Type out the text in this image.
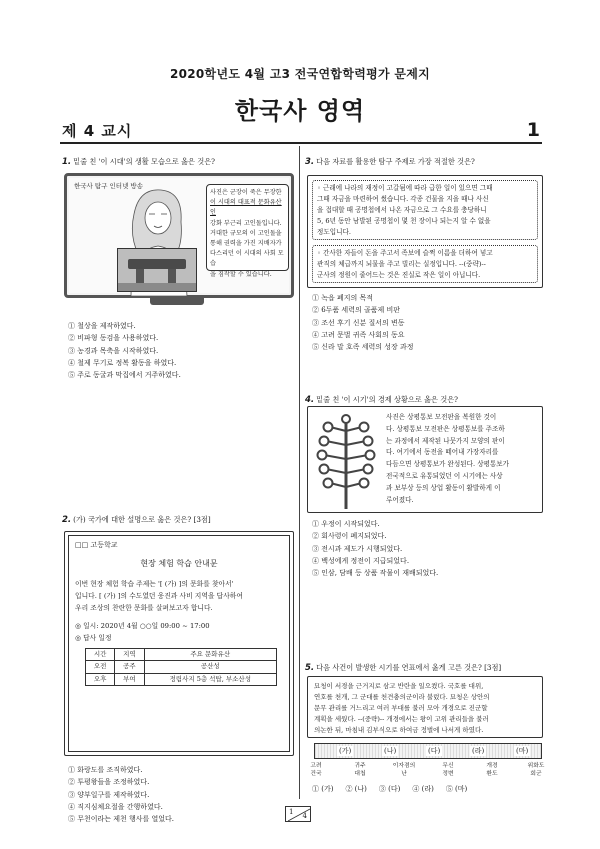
2020학년도 4월 고3 전국연합학력평가 문제지
한국사 영역
제 4 교시	1
1. 밑줄 친 '이 시대'의 생활 모습으로 옳은 것은?
한국사 탐구 인터넷 방송
사진은 군장이 죽은 무장한
이 시대의 대표적 문화유산인
강화 부근리 고인돌입니다.
거대한 규모의 이 고인돌을
통해 권력을 가진 지배자가
다스리던 이 시대의 사회 모습
을 짐작할 수 있습니다.
① 철상을 제작하였다.
② 비파형 동검을 사용하였다.
③ 농경과 목축을 시작하였다.
④ 철제 무기로 정복 활동을 하였다.
⑤ 주로 동굴과 막집에서 거주하였다.
2. (가) 국가에 대한 설명으로 옳은 것은? [3점]
□□ 고등학교
현장 체험 학습 안내문
이번 현장 체험 학습 주제는 '[ (가) ]의 문화를 찾아서'
입니다. [ (가) ]의 수도였던 웅진과 사비 지역을 답사하여
우리 조상의 찬란한 문화를 살펴보고자 합니다.
◎ 일시: 2020년 4월 ○○일 09:00 ~ 17:00
◎ 답사 일정
시간	지역	주요 문화유산
오전	공주	공산성
오후	부여	정림사지 5층 석탑, 부소산성
① 화랑도를 조직하였다.
② 투평왕들을 조정하였다.
③ 양부일구를 제작하였다.
④ 직지심체요절을 간행하였다.
⑤ 무천이라는 제천 행사를 열었다.
3. 다음 자료를 활용한 탐구 주제로 가장 적절한 것은?
◦ 근래에 나라의 재정이 고갈됨에 따라 급한 일이 있으면 그때
그때 자금을 마련하여 썼습니다. 각종 건물을 지을 때나 사신
을 접대할 때 공명첩에서 나온 자금으로 그 수요를 충당하니
5, 6년 동안 남발된 공명첩이 몇 천 장이나 되는지 알 수 없을
정도입니다.
◦ 간사한 자들이 돈을 주고서 족보에 슬쩍 이름을 더하여 넣고
관직의 체급까지 뇌물을 주고 빌리는 실정입니다. --(중략)--
군사의 정원이 줄어드는 것은 진실로 작은 일이 아닙니다.
① 녹읍 폐지의 목적
② 6두품 세력의 골품제 비판
③ 조선 후기 신분 질서의 변동
④ 고려 문벌 귀족 사회의 동요
⑤ 신라 말 호족 세력의 성장 과정
4. 밑줄 친 '이 시기'의 경제 상황으로 옳은 것은?
사진은 상평통보 모전판을 복원한 것이
다. 상평통보 모전판은 상평통보를 주조하
는 과정에서 제작된 나뭇가지 모양의 판이
다. 여기에서 동전을 떼어내 가장자리를
다듬으면 상평통보가 완성된다. 상평통보가
전국적으로 유통되었던 이 시기에는 사상
과 보부상 등의 상업 활동이 활발하게 이
루어졌다.
① 우정이 시작되었다.
② 회사령이 폐지되었다.
③ 전시과 제도가 시행되었다.
④ 백성에게 정전이 지급되었다.
⑤ 인삼, 담배 등 상품 작물이 재배되었다.
5. 다음 사건이 발생한 시기를 연표에서 옳게 고른 것은? [3점]
묘청이 서경을 근거지로 삼고 반란을 일으켰다. 국호를 대위,
연호를 천개, 그 군대를 천견충의군이라 불렀다. 묘청은 상안의
문무 관리를 거느리고 여러 부대를 불러 모아 개경으로 진군할
계획을 세웠다. --(중략)-- 개경에서는 왕이 고위 관리들을 불러
의논한 뒤, 마침내 김부식으로 하여금 정벌에 나서게 하였다.
(가)	(나)	(다)	(라)	(마)
고려
건국
귀주
대첩
이자겸의
난
무신
정변
개경
환도
위화도
회군
① (가) ② (나) ③ (다) ④ (라) ⑤ (마)
1 4
